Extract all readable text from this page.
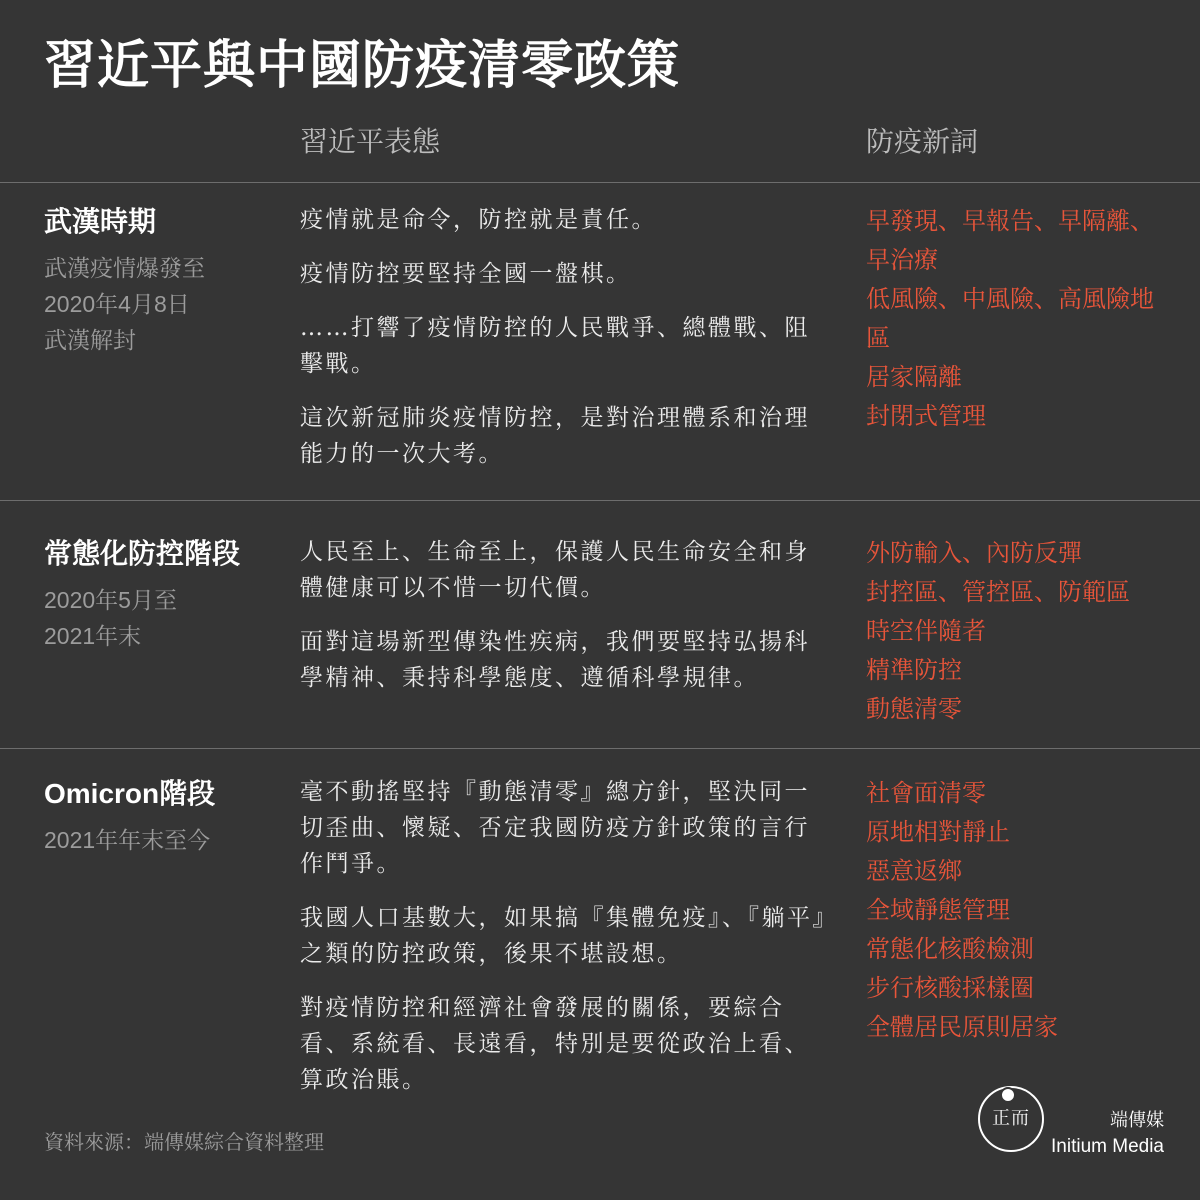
習近平與中國防疫清零政策
習近平表態	防疫新詞
武漢時期
武漢疫情爆發至
2020年4月8日
武漢解封

疫情就是命令，防控就是責任。

疫情防控要堅持全國一盤棋。

……打響了疫情防控的人民戰爭、總體戰、阻擊戰。

這次新冠肺炎疫情防控，是對治理體系和治理能力的一次大考。

早發現、早報告、早隔離、早治療
低風險、中風險、高風險地區
居家隔離
封閉式管理
常態化防控階段
2020年5月至
2021年末

人民至上、生命至上，保護人民生命安全和身體健康可以不惜一切代價。

面對這場新型傳染性疾病，我們要堅持弘揚科學精神、秉持科學態度、遵循科學規律。

外防輸入、內防反彈
封控區、管控區、防範區
時空伴隨者
精準防控
動態清零
Omicron階段
2021年年末至今

毫不動搖堅持『動態清零』總方針，堅決同一切歪曲、懷疑、否定我國防疫方針政策的言行作鬥爭。

我國人口基數大，如果搞『集體免疫』、『躺平』之類的防控政策，後果不堪設想。

對疫情防控和經濟社會發展的關係，要綜合看、系統看、長遠看，特別是要從政治上看、算政治賬。

社會面清零
原地相對靜止
惡意返鄉
全域靜態管理
常態化核酸檢測
步行核酸採樣圈
全體居民原則居家
資料來源：端傳媒綜合資料整理
正而	端傳媒
Initium Media
